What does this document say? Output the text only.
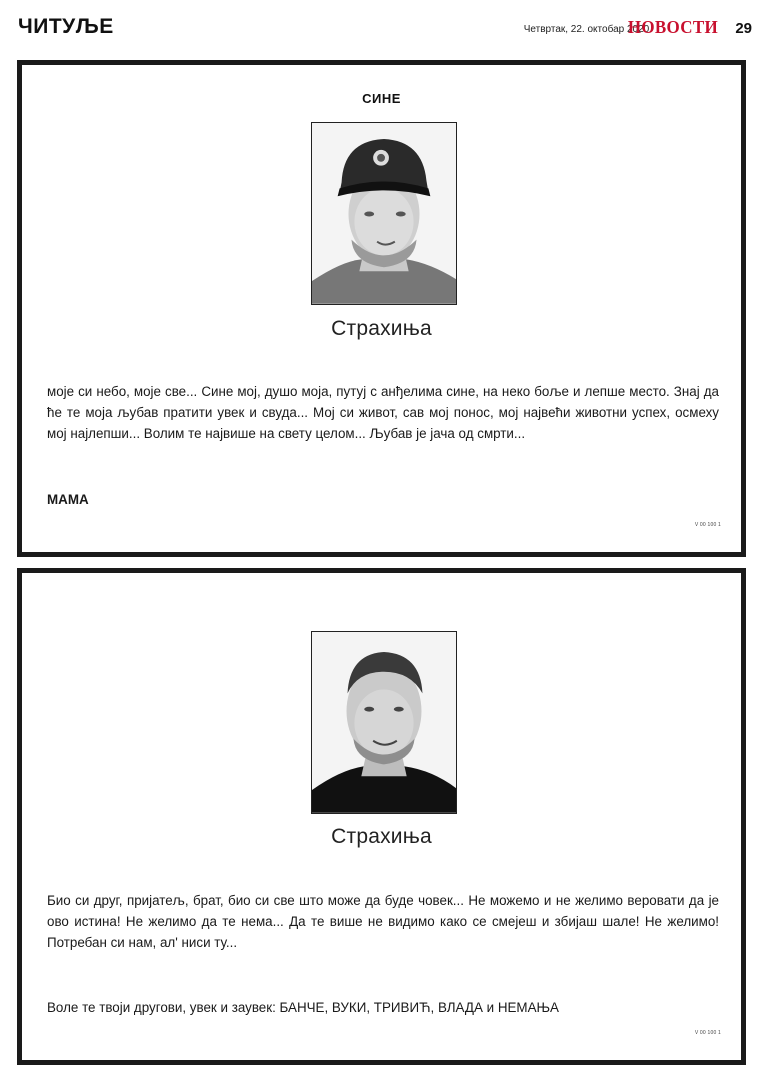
ЧИТУЉЕ	Четвртак, 22. октобар 2020.
НОВОСТИ 29
СИНЕ
Страхиња
моје си небо, моје све... Сине мој, душо моја, путуј с анђелима сине, на неко боље и лепше место. Знај да ће те моја љубав пратити увек и свуда... Мој си живот, сав мој понос, мој највећи животни успех, осмеху мој најлепши... Волим те највише на свету целом... Љубав је јача од смрти...
МАМА
V 00 100 1
Страхиња
Био си друг, пријатељ, брат, био си све што може да буде човек... Не можемо и не желимо веровати да је ово истина! Не желимо да те нема... Да те више не видимо како се смејеш и збијаш шале! Не желимо! Потребан си нам, ал' ниси ту...
Воле те твоји другови, увек и заувек: БАНЧЕ, ВУКИ, ТРИВИЋ, ВЛАДА и НЕМАЊА
V 00 100 1
